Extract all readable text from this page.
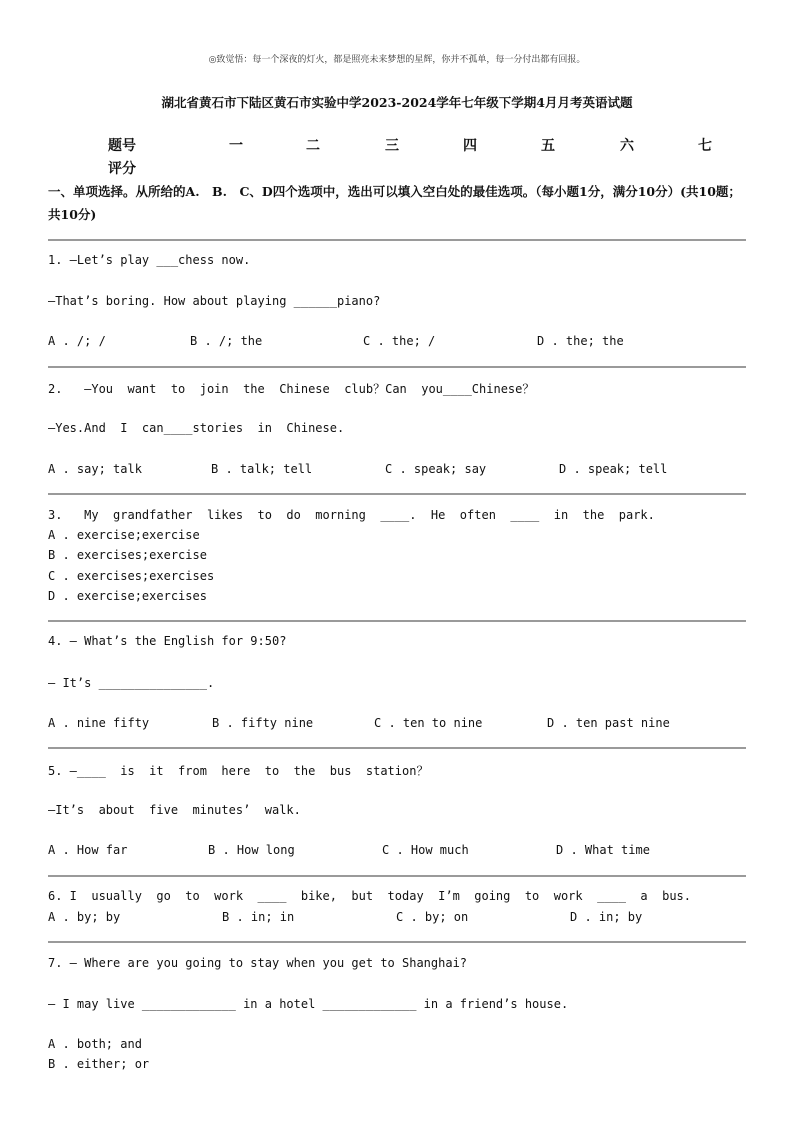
◎致觉悟：每一个深夜的灯火，都是照亮未来梦想的星辉，你并不孤单，每一分付出都有回报。
湖北省黄石市下陆区黄石市实验中学2023-2024学年七年级下学期4月月考英语试题
题号	一	二	三	四	五	六	七
评分
一、单项选择。从所给的A.　B.　C、D四个选项中，选出可以填入空白处的最佳选项。（每小题1分，满分10分）(共10题；共10分)
1. —Let’s play ___chess now.
—That’s boring. How about playing ______piano?
A . /; /	B . /; the	C . the; /	D . the; the
2.   —You  want  to  join  the  Chinese  club？Can  you____Chinese？
—Yes.And  I  can____stories  in  Chinese.
A . say; talk	B . talk; tell	C . speak; say	D . speak; tell
3.   My  grandfather  likes  to  do  morning  ____.  He  often  ____  in  the  park.
A . exercise;exercise
B . exercises;exercise
C . exercises;exercises
D . exercise;exercises
4. — What’s the English for 9:50?
— It’s _______________.
A . nine fifty	B . fifty nine	C . ten to nine	D . ten past nine
5. —____  is  it  from  here  to  the  bus  station？
—It’s  about  five  minutes’  walk.
A . How far	B . How long	C . How much	D . What time
6. I  usually  go  to  work  ____  bike,  but  today  I’m  going  to  work  ____  a  bus.
A . by; by	B . in; in	C . by; on	D . in; by
7. — Where are you going to stay when you get to Shanghai?
— I may live _____________ in a hotel _____________ in a friend’s house.
A . both; and
B . either; or
